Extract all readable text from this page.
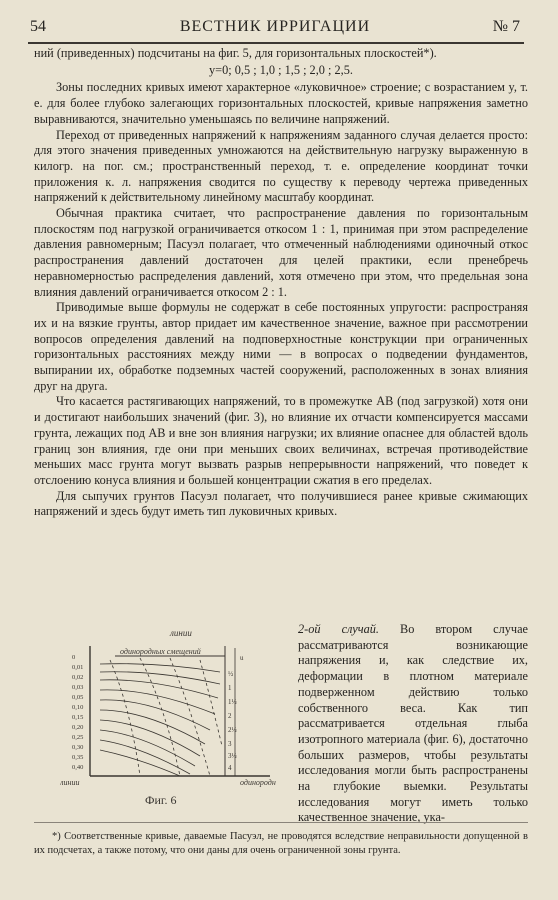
54	ВЕСТНИК ИРРИГАЦИИ	№ 7

ний (приведенных) подсчитаны на фиг. 5, для горизонтальных плоскостей*).

y=0; 0,5 ; 1,0 ; 1,5 ; 2,0 ; 2,5.

Зоны последних кривых имеют характерное «луковичное» строение; с возрастанием y, т. е. для более глубоко залегающих горизонтальных плоскостей, кривые напряжения заметно выравниваются, значительно уменьшаясь по величине напряжений.

Переход от приведенных напряжений к напряжениям заданного случая делается просто: для этого значения приведенных умножаются на действительную нагрузку выраженную в килогр. на пог. см.; пространственный переход, т. е. определение координат точки приложения к. л. напряжения сводится по существу к переводу чертежа приведенных напряжений к действительному линейному масштабу координат.

Обычная практика считает, что распространение давления по горизонтальным плоскостям под нагрузкой ограничивается откосом 1 : 1, принимая при этом распределение давления равномерным; Пасуэл полагает, что отмеченный наблюдениями одиночный откос распространения давлений достаточен для целей практики, если пренебречь неравномерностью распределения давлений, хотя отмечено при этом, что предельная зона влияния давлений ограничивается откосом 2 : 1.

Приводимые выше формулы не содержат в себе постоянных упругости: распространяя их и на вязкие грунты, автор придает им качественное значение, важное при рассмотрении вопросов определения давлений на подповерхностные конструкции при ограниченных горизонтальных расстояниях между ними — в вопросах о подведении фундаментов, выпирании их, обработке подземных частей сооружений, расположенных в зонах влияния друг на друга.

Что касается растягивающих напряжений, то в промежутке AB (под загрузкой) хотя они и достигают наибольших значений (фиг. 3), но влияние их отчасти компенсируется массами грунта, лежащих под AB и вне зон влияния нагрузки; их влияние опаснее для областей вдоль границ зон влияния, где они при меньших своих величинах, встречая противодействие меньших масс грунта могут вызвать разрыв непрерывности напряжений, что поведет к отслоению конуса влияния и большей концентрации сжатия в его пределах.

Для сыпучих грунтов Пасуэл полагает, что получившиеся ранее кривые сжимающих напряжений и здесь будут иметь тип луковичных кривых.

линии
одинородных смещений
0
0,01
0,02
0,03
0,05
0,10
0,15
0,20
0,25
0,30
0,35
0,40
u
½
1
1½
2
2½
3
3½
4
линии	одинородн
Фиг. 6

2-ой случай. Во втором случае рассматриваются возникающие напряжения и, как следствие их, деформации в плотном материале подверженном действию только собственного веса. Как тип рассматривается отдельная глыба изотропного материала (фиг. 6), достаточно больших размеров, чтобы результаты исследования могли быть распространены на глубокие выемки. Результаты исследования могут иметь только качественное значение, ука-

*) Соответственные кривые, даваемые Пасуэл, не проводятся вследствие неправильности допущенной в их подсчетах, а также потому, что они даны для очень ограниченной зоны грунта.
